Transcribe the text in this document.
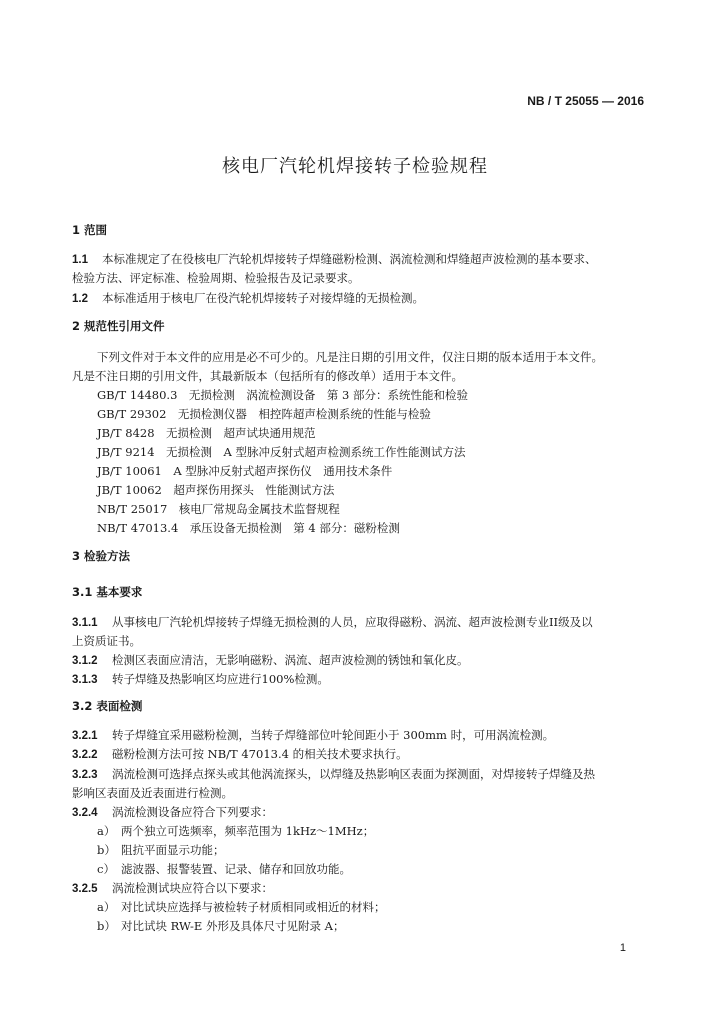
NB / T 25055 — 2016
核电厂汽轮机焊接转子检验规程
1 范围
1.1 本标准规定了在役核电厂汽轮机焊接转子焊缝磁粉检测、涡流检测和焊缝超声波检测的基本要求、
检验方法、评定标准、检验周期、检验报告及记录要求。
1.2 本标准适用于核电厂在役汽轮机焊接转子对接焊缝的无损检测。
2 规范性引用文件
下列文件对于本文件的应用是必不可少的。凡是注日期的引用文件，仅注日期的版本适用于本文件。
凡是不注日期的引用文件，其最新版本（包括所有的修改单）适用于本文件。
GB/T 14480.3　无损检测　涡流检测设备　第 3 部分：系统性能和检验
GB/T 29302　无损检测仪器　相控阵超声检测系统的性能与检验
JB/T 8428　无损检测　超声试块通用规范
JB/T 9214　无损检测　A 型脉冲反射式超声检测系统工作性能测试方法
JB/T 10061　A 型脉冲反射式超声探伤仪　通用技术条件
JB/T 10062　超声探伤用探头　性能测试方法
NB/T 25017　核电厂常规岛金属技术监督规程
NB/T 47013.4　承压设备无损检测　第 4 部分：磁粉检测
3 检验方法
3.1 基本要求
3.1.1 从事核电厂汽轮机焊接转子焊缝无损检测的人员，应取得磁粉、涡流、超声波检测专业II级及以
上资质证书。
3.1.2 检测区表面应清洁，无影响磁粉、涡流、超声波检测的锈蚀和氧化皮。
3.1.3 转子焊缝及热影响区均应进行100%检测。
3.2 表面检测
3.2.1 转子焊缝宜采用磁粉检测，当转子焊缝部位叶轮间距小于 300mm 时，可用涡流检测。
3.2.2 磁粉检测方法可按 NB/T 47013.4 的相关技术要求执行。
3.2.3 涡流检测可选择点探头或其他涡流探头，以焊缝及热影响区表面为探测面，对焊接转子焊缝及热
影响区表面及近表面进行检测。
3.2.4 涡流检测设备应符合下列要求：
a） 两个独立可选频率，频率范围为 1kHz～1MHz；
b） 阻抗平面显示功能；
c） 滤波器、报警装置、记录、储存和回放功能。
3.2.5 涡流检测试块应符合以下要求：
a） 对比试块应选择与被检转子材质相同或相近的材料；
b） 对比试块 RW-E 外形及具体尺寸见附录 A；
1
